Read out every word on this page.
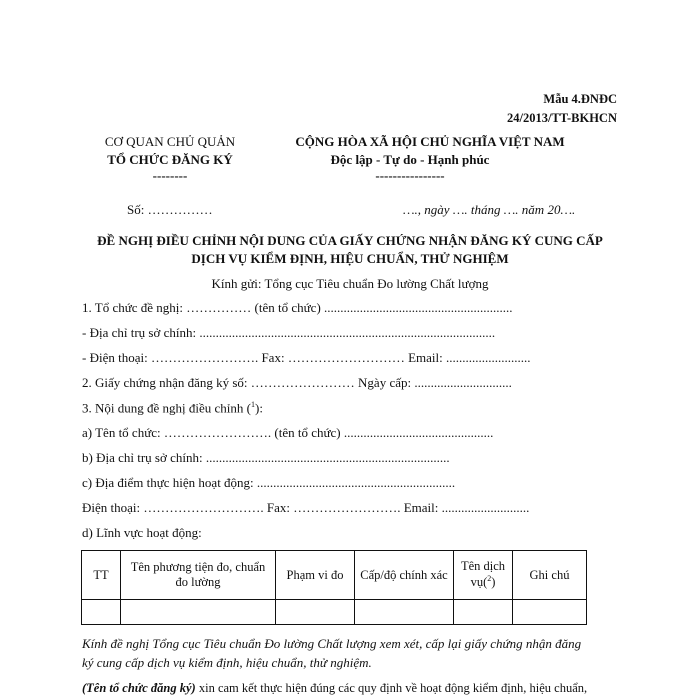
Mẫu 4.ĐNĐC
24/2013/TT-BKHCN
CƠ QUAN CHỦ QUẢN
TỔ CHỨC ĐĂNG KÝ
--------
CỘNG HÒA XÃ HỘI CHỦ NGHĨA VIỆT NAM
Độc lập - Tự do - Hạnh phúc
----------------
Số: ……………	…., ngày …. tháng …. năm 20….
ĐỀ NGHỊ ĐIỀU CHỈNH NỘI DUNG CỦA GIẤY CHỨNG NHẬN ĐĂNG KÝ CUNG CẤP
DỊCH VỤ KIỂM ĐỊNH, HIỆU CHUẨN, THỬ NGHIỆM
Kính gửi: Tổng cục Tiêu chuẩn Đo lường Chất lượng
1. Tổ chức đề nghị: …………… (tên tổ chức) ..........................................................
- Địa chỉ trụ sở chính: ...........................................................................................
- Điện thoại: ……………………. Fax: ……………………… Email: ..........................
2. Giấy chứng nhận đăng ký số: …………………… Ngày cấp: ..............................
3. Nội dung đề nghị điều chỉnh ($^1$):
a) Tên tổ chức: ……………………. (tên tổ chức) ..............................................
b) Địa chỉ trụ sở chính: ...........................................................................
c) Địa điểm thực hiện hoạt động: .............................................................
Điện thoại: ………………………. Fax: ……………………. Email: ...........................
d) Lĩnh vực hoạt động:
TT	Tên phương tiện đo, chuẩn đo lường	Phạm vi đo	Cấp/độ chính xác	Tên dịch vụ($^2$)	Ghi chú

Kính đề nghị Tổng cục Tiêu chuẩn Đo lường Chất lượng xem xét, cấp lại giấy chứng nhận đăng
ký cung cấp dịch vụ kiểm định, hiệu chuẩn, thử nghiệm.
(Tên tổ chức đăng ký) xin cam kết thực hiện đúng các quy định về hoạt động kiểm định, hiệu chuẩn,
